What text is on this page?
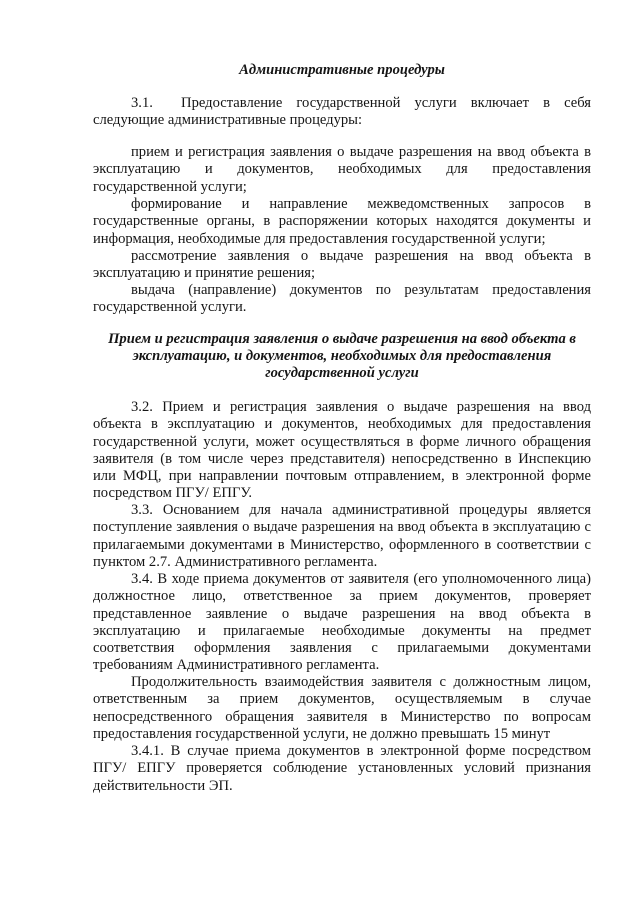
Административные процедуры

3.1.  Предоставление государственной услуги включает в себя следующие административные процедуры:

прием и регистрация заявления о выдаче разрешения на ввод объекта в эксплуатацию и документов, необходимых для предоставления государственной услуги;

формирование и направление межведомственных запросов в государственные органы, в распоряжении которых находятся документы и информация, необходимые для предоставления государственной услуги;

рассмотрение заявления о выдаче разрешения на ввод объекта в эксплуатацию и принятие решения;

выдача (направление) документов по результатам предоставления государственной услуги.

Прием и регистрация заявления о выдаче разрешения на ввод объекта в эксплуатацию, и документов, необходимых для предоставления государственной услуги

3.2. Прием и регистрация заявления о выдаче разрешения на ввод объекта в эксплуатацию и документов, необходимых для предоставления государственной услуги, может осуществляться в форме личного обращения заявителя (в том числе через представителя) непосредственно в Инспекцию или МФЦ, при направлении почтовым отправлением, в электронной форме посредством ПГУ/ ЕПГУ.

3.3. Основанием для начала административной процедуры является поступление заявления о выдаче разрешения на ввод объекта в эксплуатацию с прилагаемыми документами в Министерство, оформленного в соответствии с пунктом 2.7. Административного регламента.

3.4. В ходе приема документов от заявителя (его уполномоченного лица) должностное лицо, ответственное за прием документов, проверяет представленное заявление о выдаче разрешения на ввод объекта в эксплуатацию и прилагаемые необходимые документы на предмет соответствия оформления заявления с прилагаемыми документами требованиям Административного регламента.

Продолжительность взаимодействия заявителя с должностным лицом, ответственным за прием документов, осуществляемым в случае непосредственного обращения заявителя в Министерство по вопросам предоставления государственной услуги, не должно превышать 15 минут

3.4.1. В случае приема документов в электронной форме посредством ПГУ/ ЕПГУ проверяется соблюдение установленных условий признания действительности ЭП.
